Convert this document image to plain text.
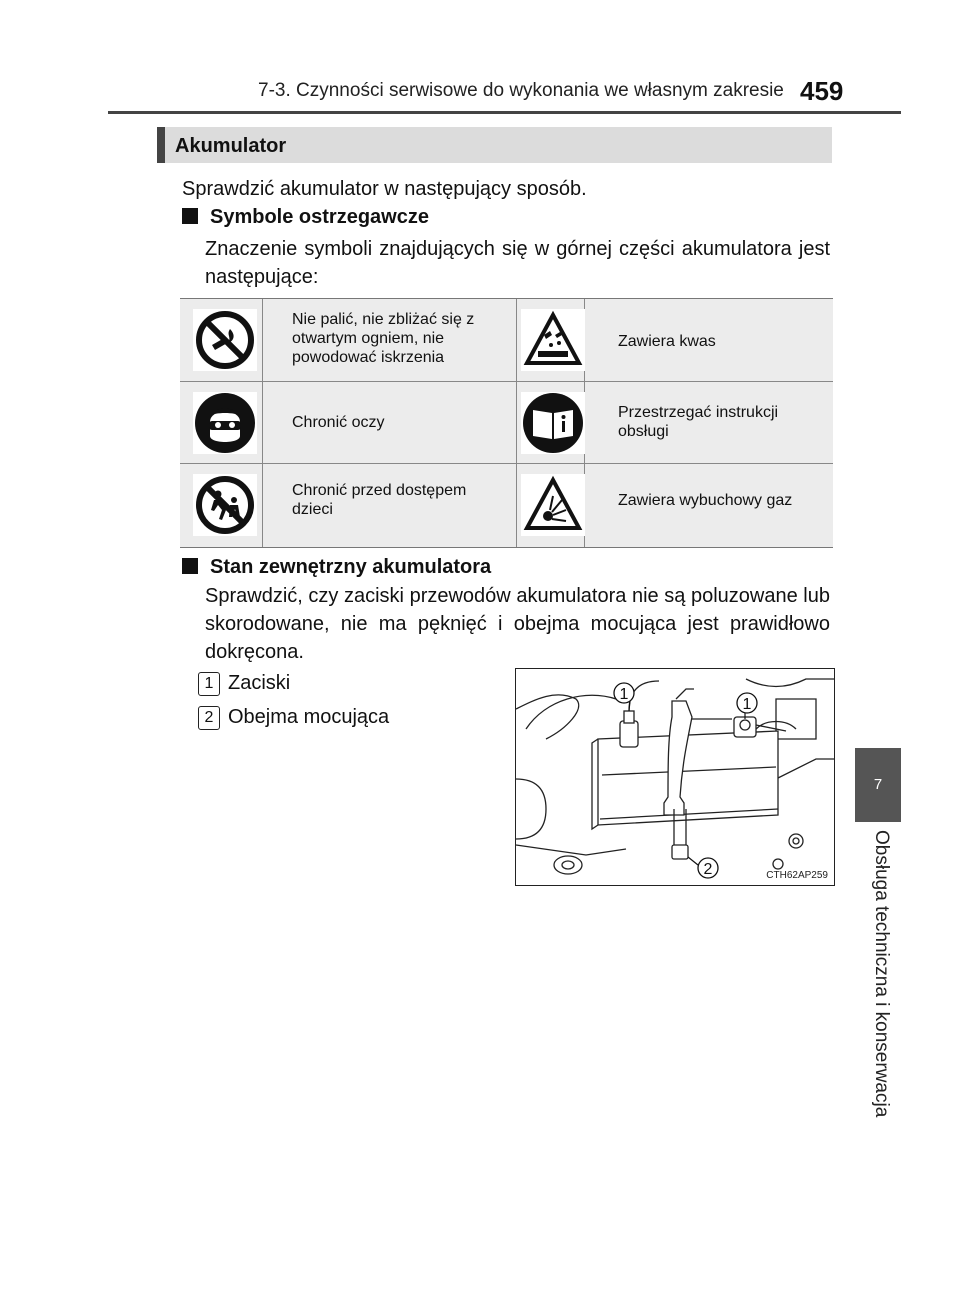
7-3. Czynności serwisowe do wykonania we własnym zakresie 459
7
Obsługa techniczna i konserwacja
Akumulator
Sprawdzić akumulator w następujący sposób.
Symbole ostrzegawcze
Znaczenie symboli znajdujących się w górnej części akumulatora jest następujące:
Nie palić, nie zbliżać się z otwartym ogniem, nie powodować iskrzenia
Zawiera kwas
Chronić oczy
Przestrzegać instrukcji obsługi
Chronić przed dostępem dzieci
Zawiera wybuchowy gaz
Stan zewnętrzny akumulatora
Sprawdzić, czy zaciski przewodów akumulatora nie są poluzowane lub skorodowane, nie ma pęknięć i obejma mocująca jest prawidłowo dokręcona.
1 Zaciski
2 Obejma mocująca
1
1
2	CTH62AP259
